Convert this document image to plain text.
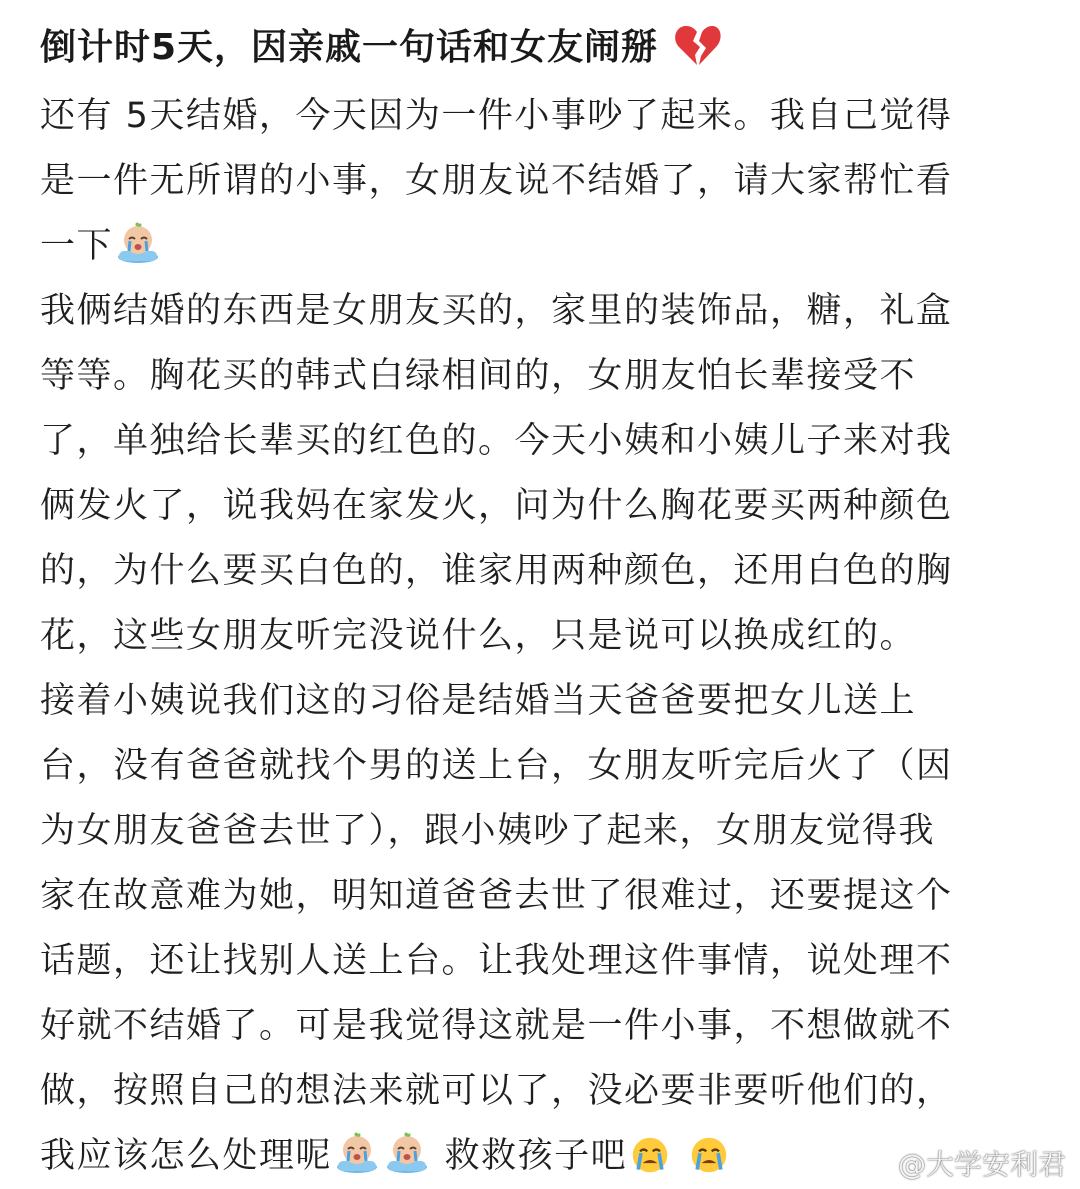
倒计时5天，因亲戚一句话和女友闹掰
还有 5天结婚，今天因为一件小事吵了起来。我自己觉得
是一件无所谓的小事，女朋友说不结婚了，请大家帮忙看
一下
我俩结婚的东西是女朋友买的，家里的装饰品，糖，礼盒
等等。胸花买的韩式白绿相间的，女朋友怕长辈接受不
了，单独给长辈买的红色的。今天小姨和小姨儿子来对我
俩发火了，说我妈在家发火，问为什么胸花要买两种颜色
的，为什么要买白色的，谁家用两种颜色，还用白色的胸
花，这些女朋友听完没说什么，只是说可以换成红的。
接着小姨说我们这的习俗是结婚当天爸爸要把女儿送上
台，没有爸爸就找个男的送上台，女朋友听完后火了（因
为女朋友爸爸去世了），跟小姨吵了起来，女朋友觉得我
家在故意难为她，明知道爸爸去世了很难过，还要提这个
话题，还让找别人送上台。让我处理这件事情，说处理不
好就不结婚了。可是我觉得这就是一件小事，不想做就不
做，按照自己的想法来就可以了，没必要非要听他们的，
我应该怎么处理呢	救救孩子吧	@大学安利君
